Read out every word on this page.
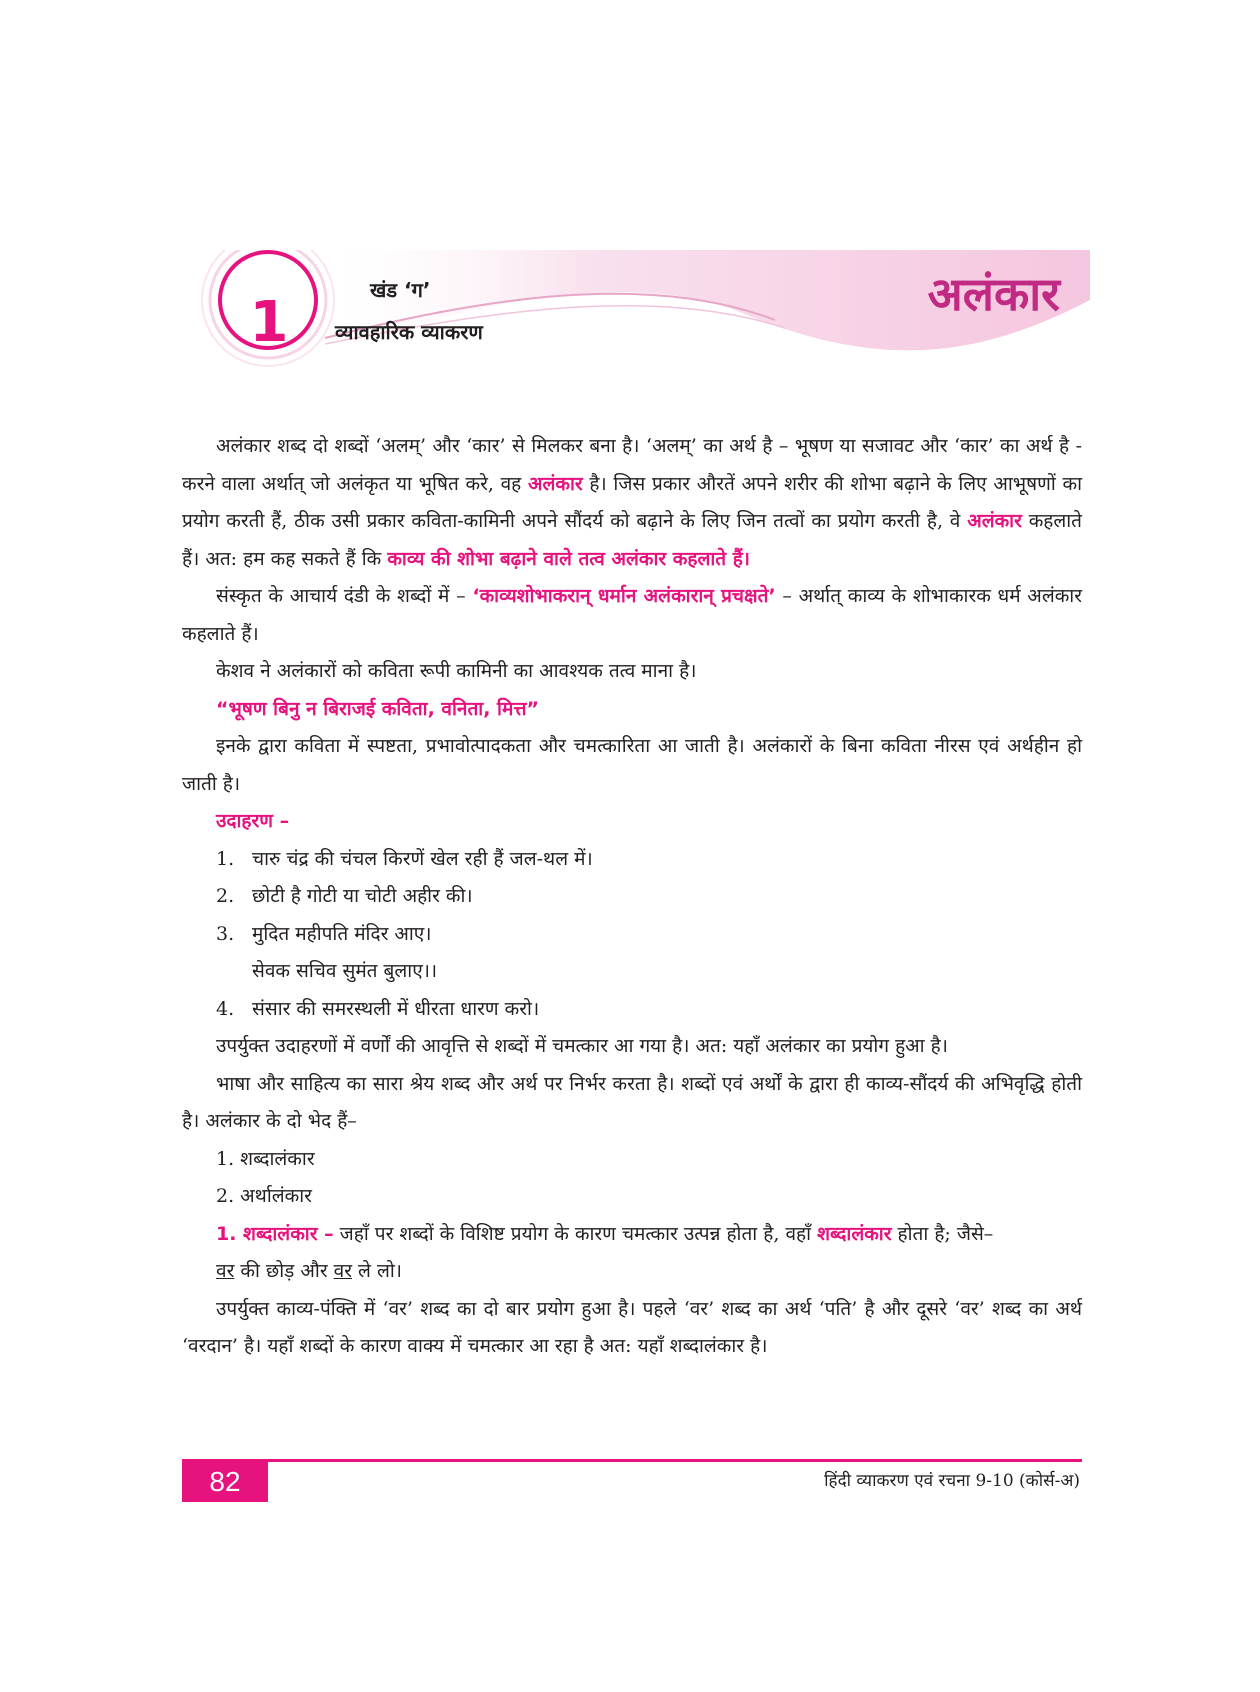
1	खंड ‘ग’
व्यावहारिक व्याकरण
अलंकार

अलंकार शब्द दो शब्दों ‘अलम्’ और ‘कार’ से मिलकर बना है। ‘अलम्’ का अर्थ है – भूषण या सजावट और ‘कार’ का अर्थ है - करने वाला अर्थात् जो अलंकृत या भूषित करे, वह अलंकार है। जिस प्रकार औरतें अपने शरीर की शोभा बढ़ाने के लिए आभूषणों का प्रयोग करती हैं, ठीक उसी प्रकार कविता-कामिनी अपने सौंदर्य को बढ़ाने के लिए जिन तत्वों का प्रयोग करती है, वे अलंकार कहलाते हैं। अत: हम कह सकते हैं कि काव्य की शोभा बढ़ाने वाले तत्व अलंकार कहलाते हैं।

संस्कृत के आचार्य दंडी के शब्दों में – ‘काव्यशोभाकरान् धर्मान अलंकारान् प्रचक्षते’ – अर्थात् काव्य के शोभाकारक धर्म अलंकार कहलाते हैं।

केशव ने अलंकारों को कविता रूपी कामिनी का आवश्यक तत्व माना है।

“भूषण बिनु न बिराजई कविता, वनिता, मित्त”

इनके द्वारा कविता में स्पष्टता, प्रभावोत्पादकता और चमत्कारिता आ जाती है। अलंकारों के बिना कविता नीरस एवं अर्थहीन हो जाती है।

उदाहरण –

1. चारु चंद्र की चंचल किरणें खेल रही हैं जल-थल में।

2. छोटी है गोटी या चोटी अहीर की।

3. मुदित महीपति मंदिर आए।

सेवक सचिव सुमंत बुलाए।।

4. संसार की समरस्थली में धीरता धारण करो।

उपर्युक्त उदाहरणों में वर्णों की आवृत्ति से शब्दों में चमत्कार आ गया है। अत: यहाँ अलंकार का प्रयोग हुआ है।

भाषा और साहित्य का सारा श्रेय शब्द और अर्थ पर निर्भर करता है। शब्दों एवं अर्थों के द्वारा ही काव्य-सौंदर्य की अभिवृद्धि होती है। अलंकार के दो भेद हैं–

1. शब्दालंकार

2. अर्थालंकार

1. शब्दालंकार – जहाँ पर शब्दों के विशिष्ट प्रयोग के कारण चमत्कार उत्पन्न होता है, वहाँ शब्दालंकार होता है; जैसे–

वर की छोड़ और वर ले लो।

उपर्युक्त काव्य-पंक्ति में ‘वर’ शब्द का दो बार प्रयोग हुआ है। पहले ‘वर’ शब्द का अर्थ ‘पति’ है और दूसरे ‘वर’ शब्द का अर्थ ‘वरदान’ है। यहाँ शब्दों के कारण वाक्य में चमत्कार आ रहा है अत: यहाँ शब्दालंकार है।

82	हिंदी व्याकरण एवं रचना 9-10 (कोर्स-अ)
